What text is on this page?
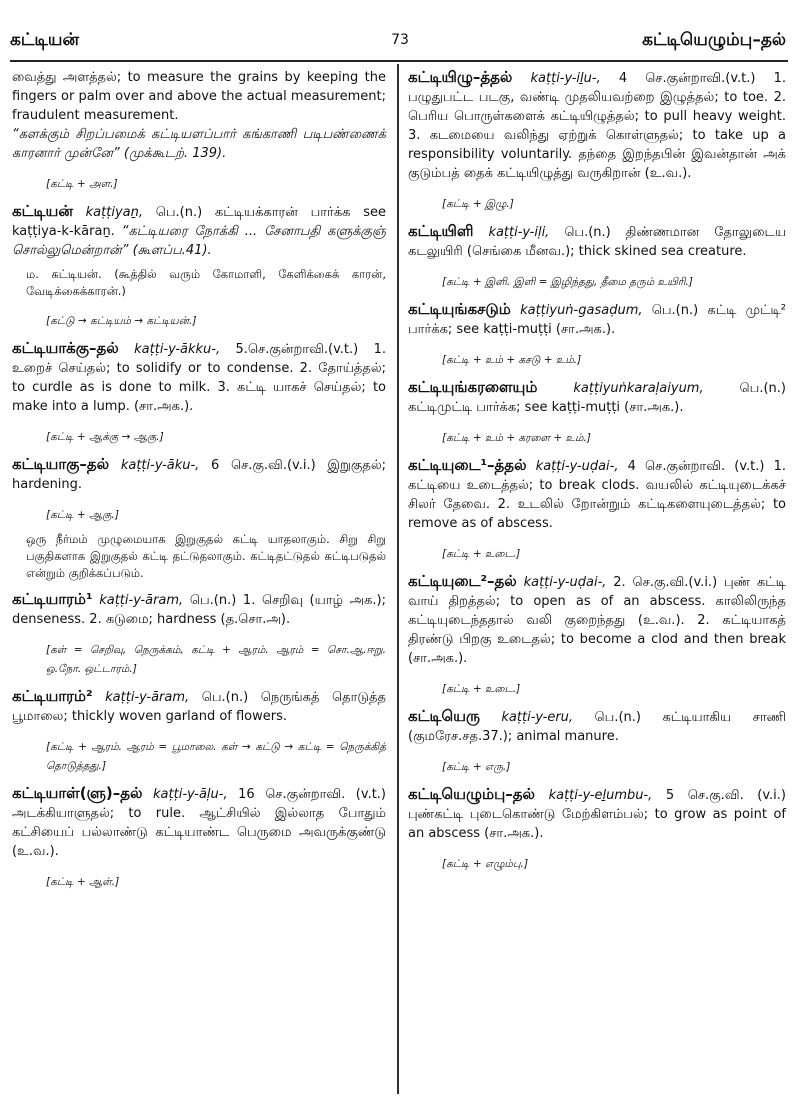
கட்டியன்	73	கட்டியெழும்பு–தல்

வைத்து அளத்தல்; to measure the grains by keeping the fingers or palm over and above the actual measurement; fraudulent measurement.

“களக்கும் சிறப்பமைக் கட்டியளப்பார் கங்காணி படிபண்ணைக் காரனார் முன்னே” (முக்கூடற். 139).

[கட்டி + அள.]

கட்டியன் kaṭṭiyaṉ, பெ.(n.) கட்டியக்காரன் பார்க்க see kaṭṭiya-k-kāraṉ. “கட்டியரை நோக்கி ... சேனாபதி களுக்குஞ் சொல்லுமென்றான்” (கூளப்ப.41).

ம. கட்டியன். (கூத்தில் வரும் கோமாளி, கேளிக்கைக் காரன், வேடிக்கைக்காரன்.)
[கட்டு → கட்டியம் → கட்டியன்.]

கட்டியாக்கு–தல் kaṭṭi-y-ākku-, 5.செ.குன்றாவி.(v.t.) 1. உறைச் செய்தல்; to solidify or to condense. 2. தோய்த்தல்; to curdle as is done to milk. 3. கட்டி யாகச் செய்தல்; to make into a lump. (சா.அக.).

[கட்டி + ஆக்கு → ஆகு.]

கட்டியாகு–தல் kaṭṭi-y-āku-, 6 செ.கு.வி.(v.i.) இறுகுதல்; hardening.

[கட்டி + ஆகு.]
ஒரு நீர்மம் முழுமையாக இறுகுதல் கட்டி யாதலாகும். சிறு சிறு பகுதிகளாக இறுகுதல் கட்டி தட்டுதலாகும். கட்டிதட்டுதல் கட்டிபடுதல் என்றும் குறிக்கப்படும்.

கட்டியாரம்¹ kaṭṭi-y-āram, பெ.(n.) 1. செறிவு (யாழ் அக.); denseness. 2. கடுமை; hardness (த.சொ.அ).

[கள் = செறிவு, நெருக்கம், கட்டி + ஆரம். ஆரம் = சொ.ஆ.ஈறு. ஒ.நோ. ஒட்டாரம்.]

கட்டியாரம்² kaṭṭi-y-āram, பெ.(n.) நெருங்கத் தொடுத்த பூமாலை; thickly woven garland of flowers.

[கட்டி + ஆரம். ஆரம் = பூமாலை. கள் → கட்டு → கட்டி = நெருக்கித் தொடுத்தது.]

கட்டியாள்(ளு)–தல் kaṭṭi-y-āḷu-, 16 செ.குன்றாவி. (v.t.) அடக்கியாளுதல்; to rule. ஆட்சியில் இல்லாத போதும் கட்சியைப் பல்லாண்டு கட்டியாண்ட பெருமை அவருக்குண்டு (உ.வ.).

[கட்டி + ஆள்.]

கட்டியிழு–த்தல் kaṭṭi-y-iḻu-, 4 செ.குன்றாவி.(v.t.) 1. பழுதுபட்ட படகு, வண்டி முதலியவற்றை இழுத்தல்; to toe. 2. பெரிய பொருள்களைக் கட்டியிழுத்தல்; to pull heavy weight. 3. கடமையை வலிந்து ஏற்றுக் கொள்ளுதல்; to take up a responsibility voluntarily. தந்தை இறந்தபின் இவன்தான் அக் குடும்பத் தைக் கட்டியிழுத்து வருகிறான் (உ.வ.).

[கட்டி + இழு.]

கட்டியிளி kaṭṭi-y-iḷi, பெ.(n.) திண்ணமான தோலுடைய கடலுயிரி (செங்கை மீனவ.); thick skined sea creature.

[கட்டி + இளி. இளி = இழிந்தது, தீமை தரும் உயிரி.]

கட்டியுங்கசடும் kaṭṭiyuṅ-gasaḍum, பெ.(n.) கட்டி முட்டி² பார்க்க; see kaṭṭi-muṭṭi (சா.அக.).

[கட்டி + உம் + கசடு + உம்.]

கட்டியுங்கரளையும்	kaṭṭiyuṅkaraḷaiyum,	பெ.(n.) கட்டிமுட்டி பார்க்க; see kaṭṭi-muṭṭi (சா.அக.).

[கட்டி + உம் + கரளை + உம்.]

கட்டியுடை¹–த்தல் kaṭṭi-y-uḍai-, 4 செ.குன்றாவி. (v.t.) 1. கட்டியை உடைத்தல்; to break clods. வயலில் கட்டியுடைக்கச் சிலர் தேவை. 2. உடலில் றோன்றும் கட்டிகளையுடைத்தல்; to remove as of abscess.

[கட்டி + உடை.]

கட்டியுடை²–தல் kaṭṭi-y-uḍai-, 2. செ.கு.வி.(v.i.) புண் கட்டி வாய் திறத்தல்; to open as of an abscess. காலிலிருந்த கட்டியுடைந்ததால் வலி குறைந்தது (உ.வ.). 2. கட்டியாகத் திரண்டு பிறகு உடைதல்; to become a clod and then break (சா.அக.).

[கட்டி + உடை.]

கட்டியெரு kaṭṭi-y-eru, பெ.(n.) கட்டியாகிய சாணி (குமரேச.சத.37.); animal manure.

[கட்டி + எரு.]

கட்டியெழும்பு–தல் kaṭṭi-y-eḻumbu-, 5 செ.கு.வி. (v.i.) புண்கட்டி புடைகொண்டு மேற்கிளம்பல்; to grow as point of an abscess (சா.அக.).

[கட்டி + எழும்பு.]
